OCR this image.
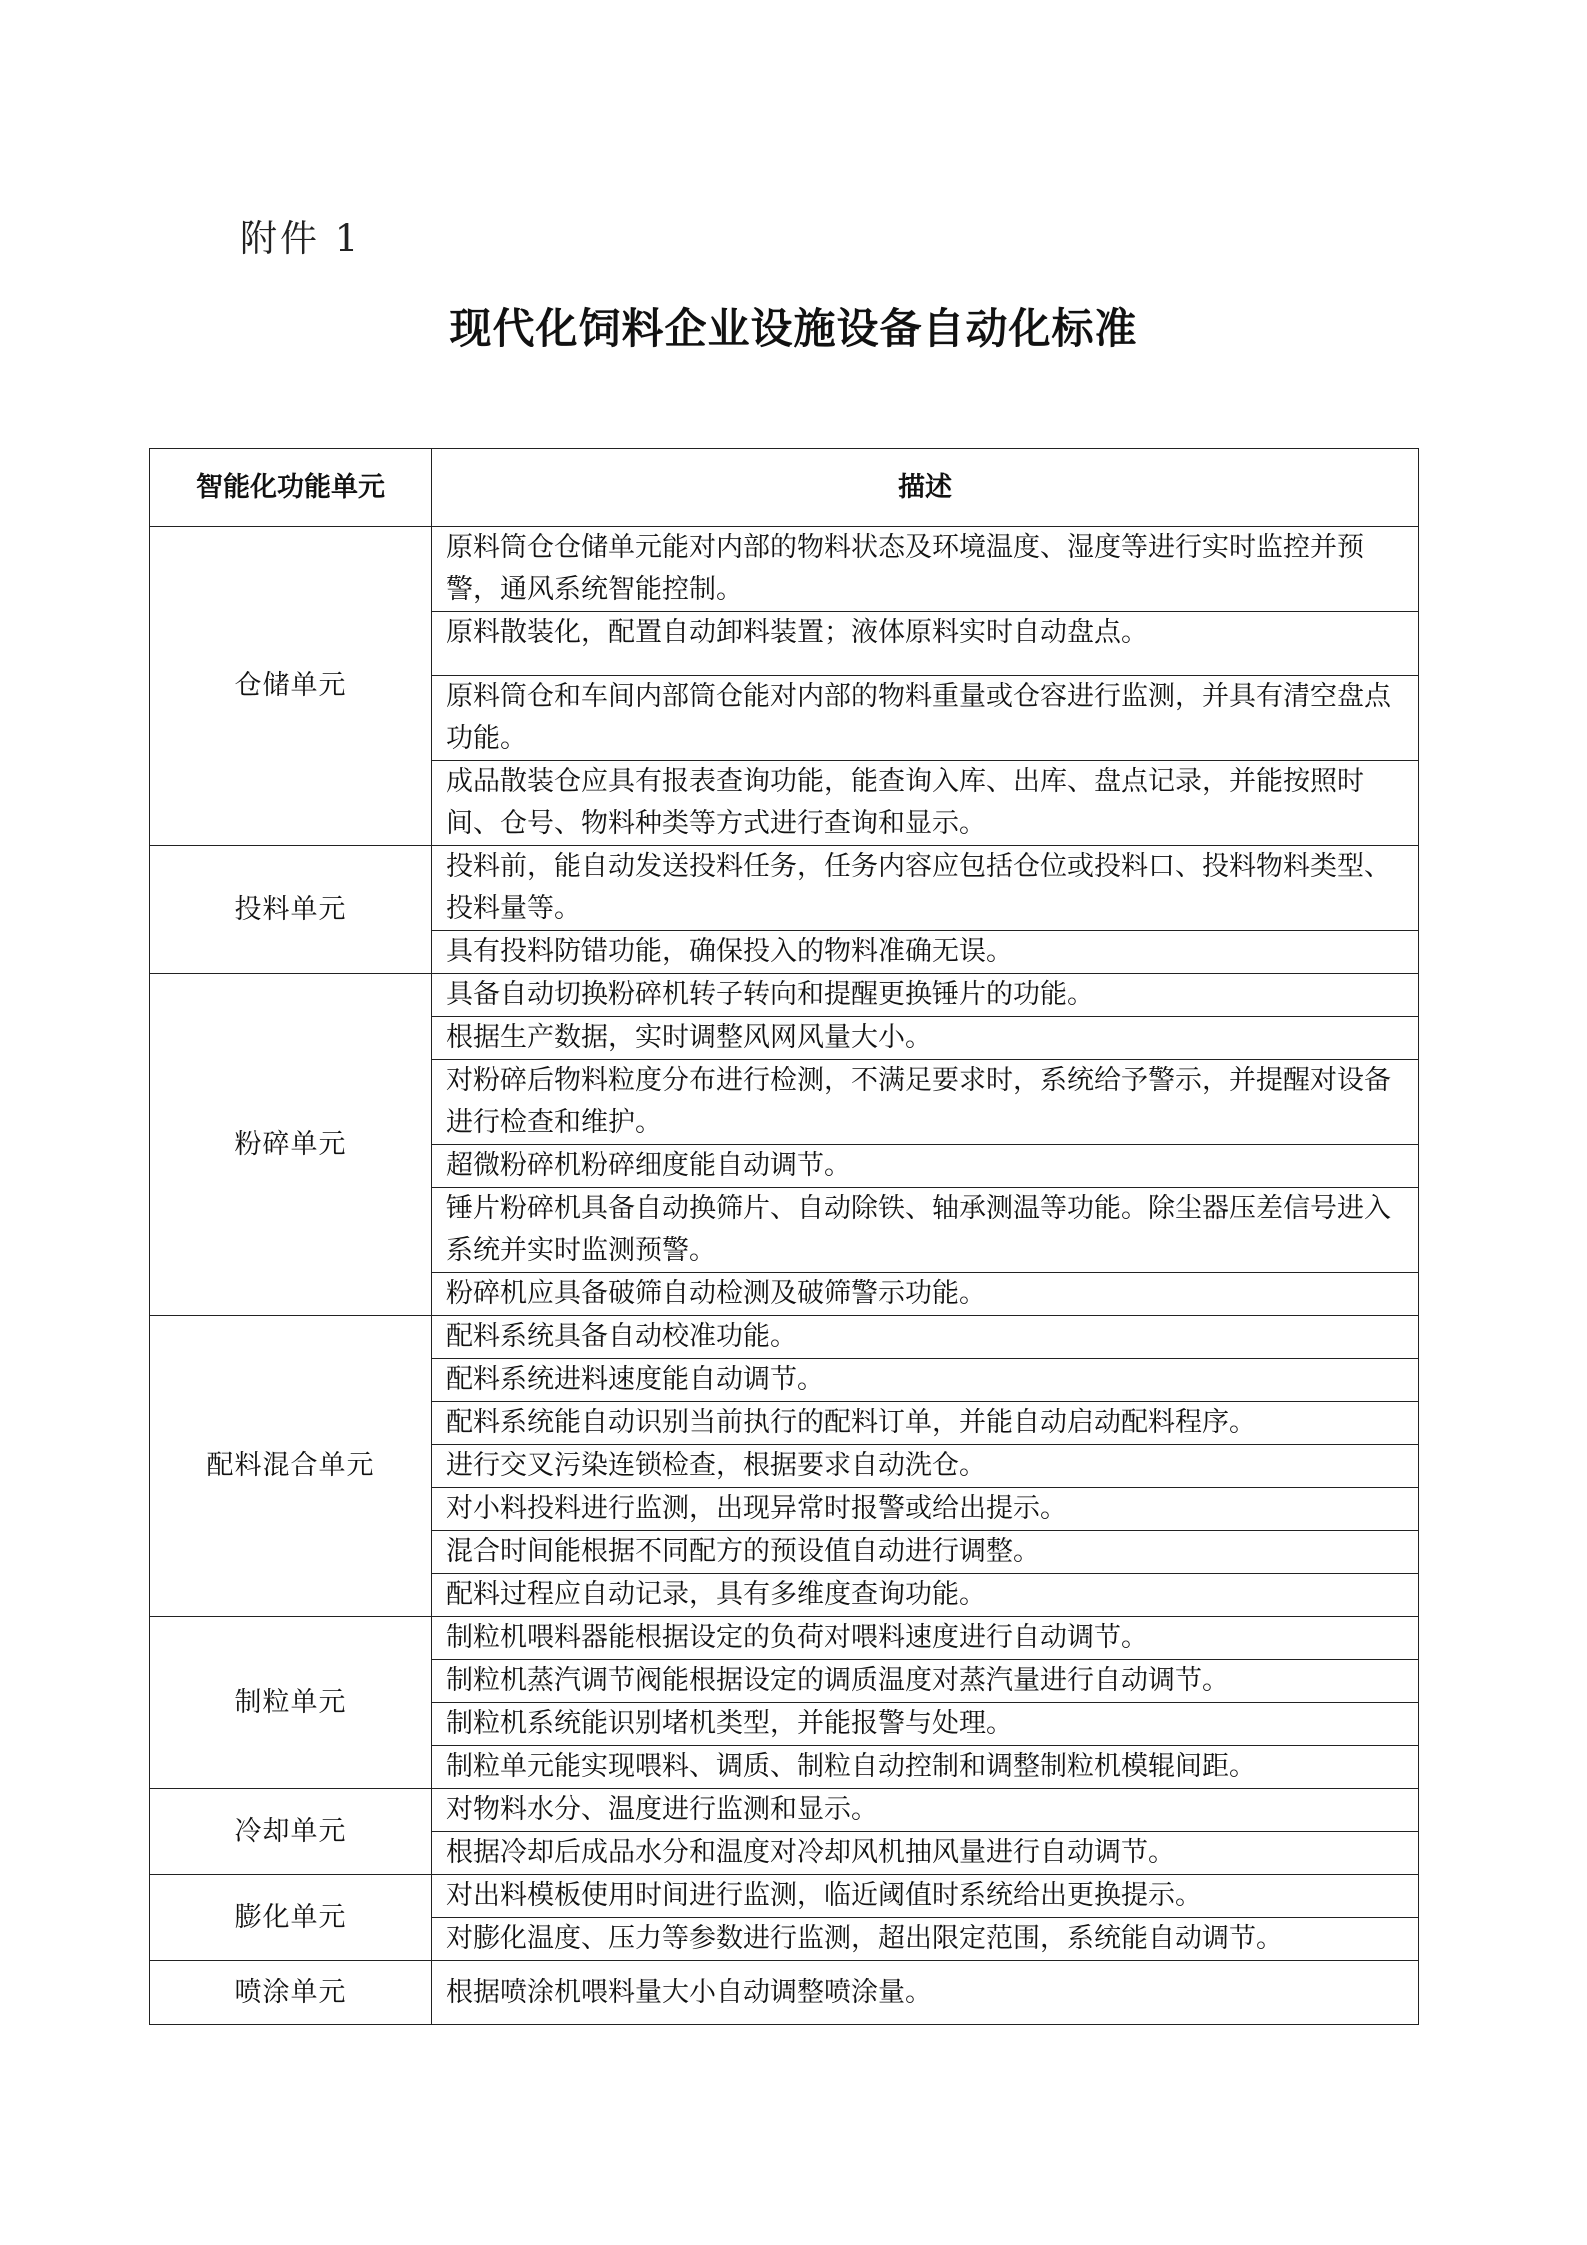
附件 1
现代化饲料企业设施设备自动化标准
智能化功能单元	描述
仓储单元	原料筒仓仓储单元能对内部的物料状态及环境温度、湿度等进行实时监控并预警，通风系统智能控制。
	原料散装化，配置自动卸料装置；液体原料实时自动盘点。
	原料筒仓和车间内部筒仓能对内部的物料重量或仓容进行监测，并具有清空盘点功能。
	成品散装仓应具有报表查询功能，能查询入库、出库、盘点记录，并能按照时间、仓号、物料种类等方式进行查询和显示。
投料单元	投料前，能自动发送投料任务，任务内容应包括仓位或投料口、投料物料类型、投料量等。
	具有投料防错功能，确保投入的物料准确无误。
粉碎单元	具备自动切换粉碎机转子转向和提醒更换锤片的功能。
	根据生产数据，实时调整风网风量大小。
	对粉碎后物料粒度分布进行检测，不满足要求时，系统给予警示，并提醒对设备进行检查和维护。
	超微粉碎机粉碎细度能自动调节。
	锤片粉碎机具备自动换筛片、自动除铁、轴承测温等功能。除尘器压差信号进入系统并实时监测预警。
	粉碎机应具备破筛自动检测及破筛警示功能。
配料混合单元	配料系统具备自动校准功能。
	配料系统进料速度能自动调节。
	配料系统能自动识别当前执行的配料订单，并能自动启动配料程序。
	进行交叉污染连锁检查，根据要求自动洗仓。
	对小料投料进行监测，出现异常时报警或给出提示。
	混合时间能根据不同配方的预设值自动进行调整。
	配料过程应自动记录，具有多维度查询功能。
制粒单元	制粒机喂料器能根据设定的负荷对喂料速度进行自动调节。
	制粒机蒸汽调节阀能根据设定的调质温度对蒸汽量进行自动调节。
	制粒机系统能识别堵机类型，并能报警与处理。
	制粒单元能实现喂料、调质、制粒自动控制和调整制粒机模辊间距。
冷却单元	对物料水分、温度进行监测和显示。
	根据冷却后成品水分和温度对冷却风机抽风量进行自动调节。
膨化单元	对出料模板使用时间进行监测，临近阈值时系统给出更换提示。
	对膨化温度、压力等参数进行监测，超出限定范围，系统能自动调节。
喷涂单元	根据喷涂机喂料量大小自动调整喷涂量。
